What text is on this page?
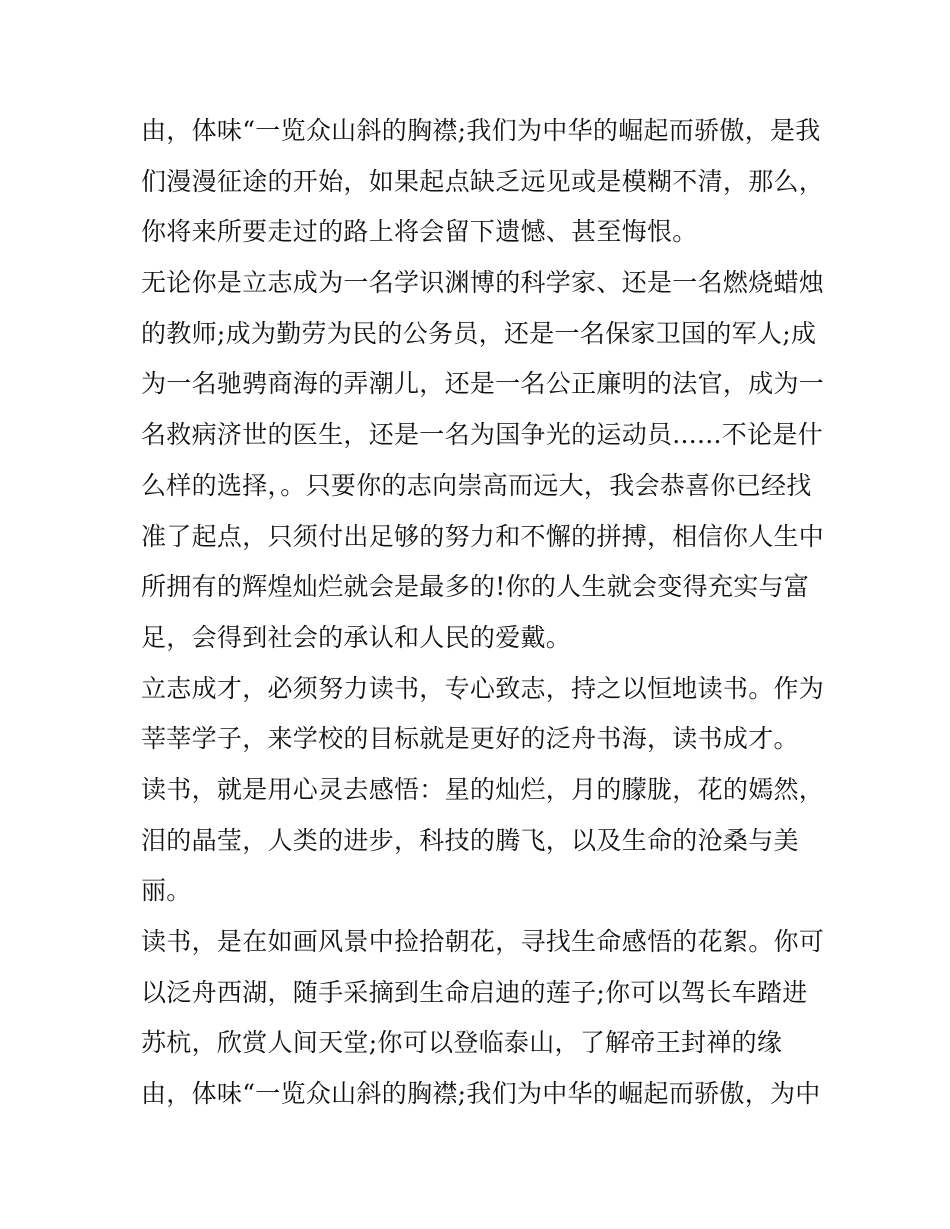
由，体味“一览众山斜的胸襟;我们为中华的崛起而骄傲，是我
们漫漫征途的开始，如果起点缺乏远见或是模糊不清，那么，
你将来所要走过的路上将会留下遗憾、甚至悔恨。
无论你是立志成为一名学识渊博的科学家、还是一名燃烧蜡烛
的教师;成为勤劳为民的公务员，还是一名保家卫国的军人;成
为一名驰骋商海的弄潮儿，还是一名公正廉明的法官，成为一
名救病济世的医生，还是一名为国争光的运动员......不论是什
么样的选择，。只要你的志向崇高而远大，我会恭喜你已经找
准了起点，只须付出足够的努力和不懈的拼搏，相信你人生中
所拥有的辉煌灿烂就会是最多的!你的人生就会变得充实与富
足，会得到社会的承认和人民的爱戴。
立志成才，必须努力读书，专心致志，持之以恒地读书。作为
莘莘学子，来学校的目标就是更好的泛舟书海，读书成才。
读书，就是用心灵去感悟：星的灿烂，月的朦胧，花的嫣然，
泪的晶莹，人类的进步，科技的腾飞，以及生命的沧桑与美
丽。
读书，是在如画风景中捡拾朝花，寻找生命感悟的花絮。你可
以泛舟西湖，随手采摘到生命启迪的莲子;你可以驾长车踏进
苏杭，欣赏人间天堂;你可以登临泰山，了解帝王封禅的缘
由，体味“一览众山斜的胸襟;我们为中华的崛起而骄傲，为中
